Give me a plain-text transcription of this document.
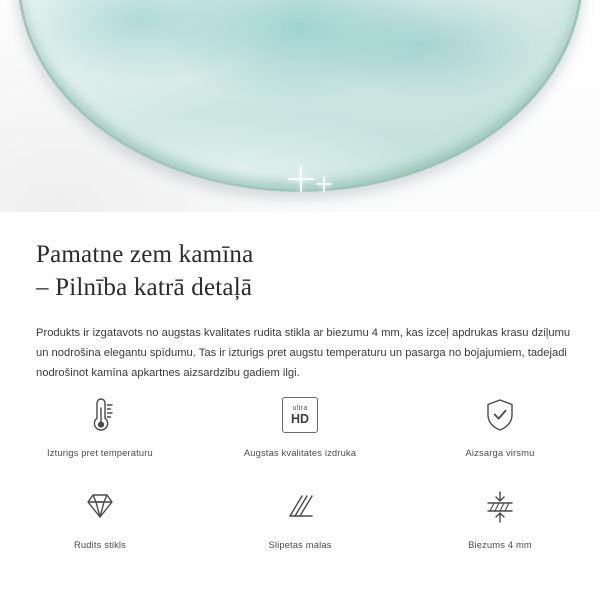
Pamatne zem kamīna
– Pilnība katrā detaļā

Produkts ir izgatavots no augstas kvalitates rudita stikla ar biezumu 4 mm, kas izceļ apdrukas krasu dziļumu un nodrošina elegantu spīdumu. Tas ir izturigs pret augstu temperaturu un pasarga no bojajumiem, tadejadi nodrošinot kamīna apkartnes aizsardzibu gadiem ilgi.

Izturigs pret temperaturu
ultra
HD
Augstas kvalitates izdruka	Aizsarga virsmu
Rudits stikls	Slipetas malas	Biezums 4 mm
